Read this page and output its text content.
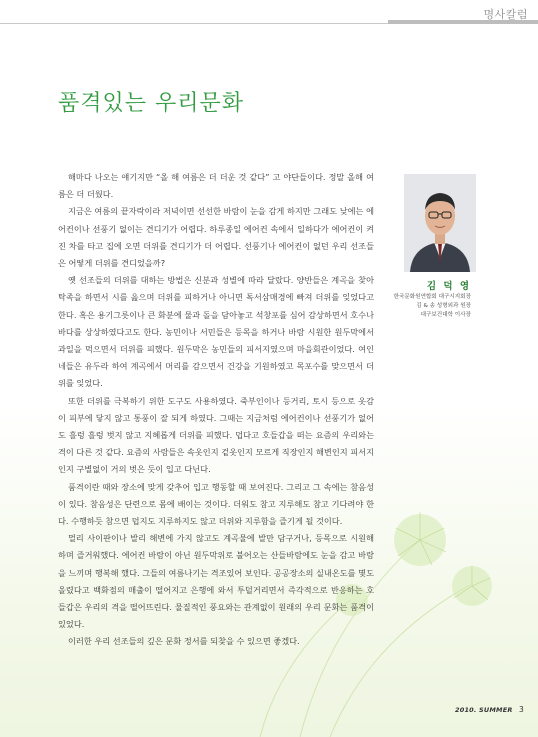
명사칼럼
품격있는 우리문화

해마다 나오는 얘기지만 “올 해 여름은 더 더운 것 같다” 고 야단들이다. 정말 올해 여름은 더 더웠다.

지금은 여름의 끝자락이라 저녁이면 선선한 바람이 눈을 감게 하지만 그래도 낮에는 에어컨이나 선풍기 없이는 견디기가 어렵다. 하루종일 에어컨 속에서 일하다가 에어컨이 켜진 차를 타고 집에 오면 더위를 견디기가 더 어렵다. 선풍기나 에어컨이 없던 우리 선조들은 어떻게 더위를 견디었을까?

옛 선조들의 더위를 대하는 방법은 신분과 성별에 따라 달랐다. 양반들은 계곡을 찾아 탁족을 하면서 시를 읊으며 더위를 피하거나 아니면 독서삼매경에 빠져 더위를 잊었다고 한다. 혹은 용기그릇이나 큰 화분에 물과 돌을 담아놓고 석창포를 심어 감상하면서 호수나 바다를 상상하였다고도 한다. 농민이나 서민들은 등목을 하거나 바람 시원한 원두막에서 과일을 먹으면서 더위를 피했다. 원두막은 농민들의 피서지였으며 마을회관이었다. 여인네들은 유두라 하여 계곡에서 머리를 감으면서 건강을 기원하였고 목포수를 맞으면서 더위를 잊었다.

또한 더위를 극복하기 위한 도구도 사용하였다. 죽부인이나 등거리, 토시 등으로 옷감이 피부에 닿지 않고 통풍이 잘 되게 하였다. 그때는 지금처럼 에어컨이나 선풍기가 없어도 흘렁 흘렁 벗지 않고 지혜롭게 더위를 피했다. 덥다고 호들갑을 떠는 요즘의 우리와는 격이 다른 것 같다. 요즘의 사람들은 속옷인지 겉옷인지 모르게 직장인지 해변인지 피서지인지 구별없이 거의 벗은 듯이 입고 다닌다.

품격이란 때와 장소에 맞게 갖추어 입고 행동할 때 보여진다. 그리고 그 속에는 참음성이 있다. 참음성은 단련으로 몸에 배이는 것이다. 더워도 참고 지루해도 참고 기다려야 한다. 수행하듯 참으면 덥지도 지루하지도 않고 더위와 지루함을 즐기게 될 것이다.

멀리 사이판이나 발리 해변에 가지 않고도 계곡물에 발만 담구거나, 등목으로 시원해 하며 즐거워했다. 에어컨 바람이 아닌 원두막위로 불어오는 산들바람에도 눈을 감고 바람을 느끼며 행복해 했다. 그들의 여름나기는 격조있어 보인다. 공공장소의 실내온도를 몇도 올렸다고 백화점의 매출이 떨어지고 은행에 와서 투덜거리면서 즉각적으로 반응하는 호들갑은 우리의 격을 떨어뜨린다. 물질적인 풍요와는 관계없이 원래의 우리 문화는 품격이 있었다.

이러한 우리 선조들의 깊은 문화 정서를 되찾을 수 있으면 좋겠다.

김 덕 영
한국문화원연합회 대구시지회장
김 & 송 성형외과 원장
대구보건대학 이사장
2010. SUMMER 3
